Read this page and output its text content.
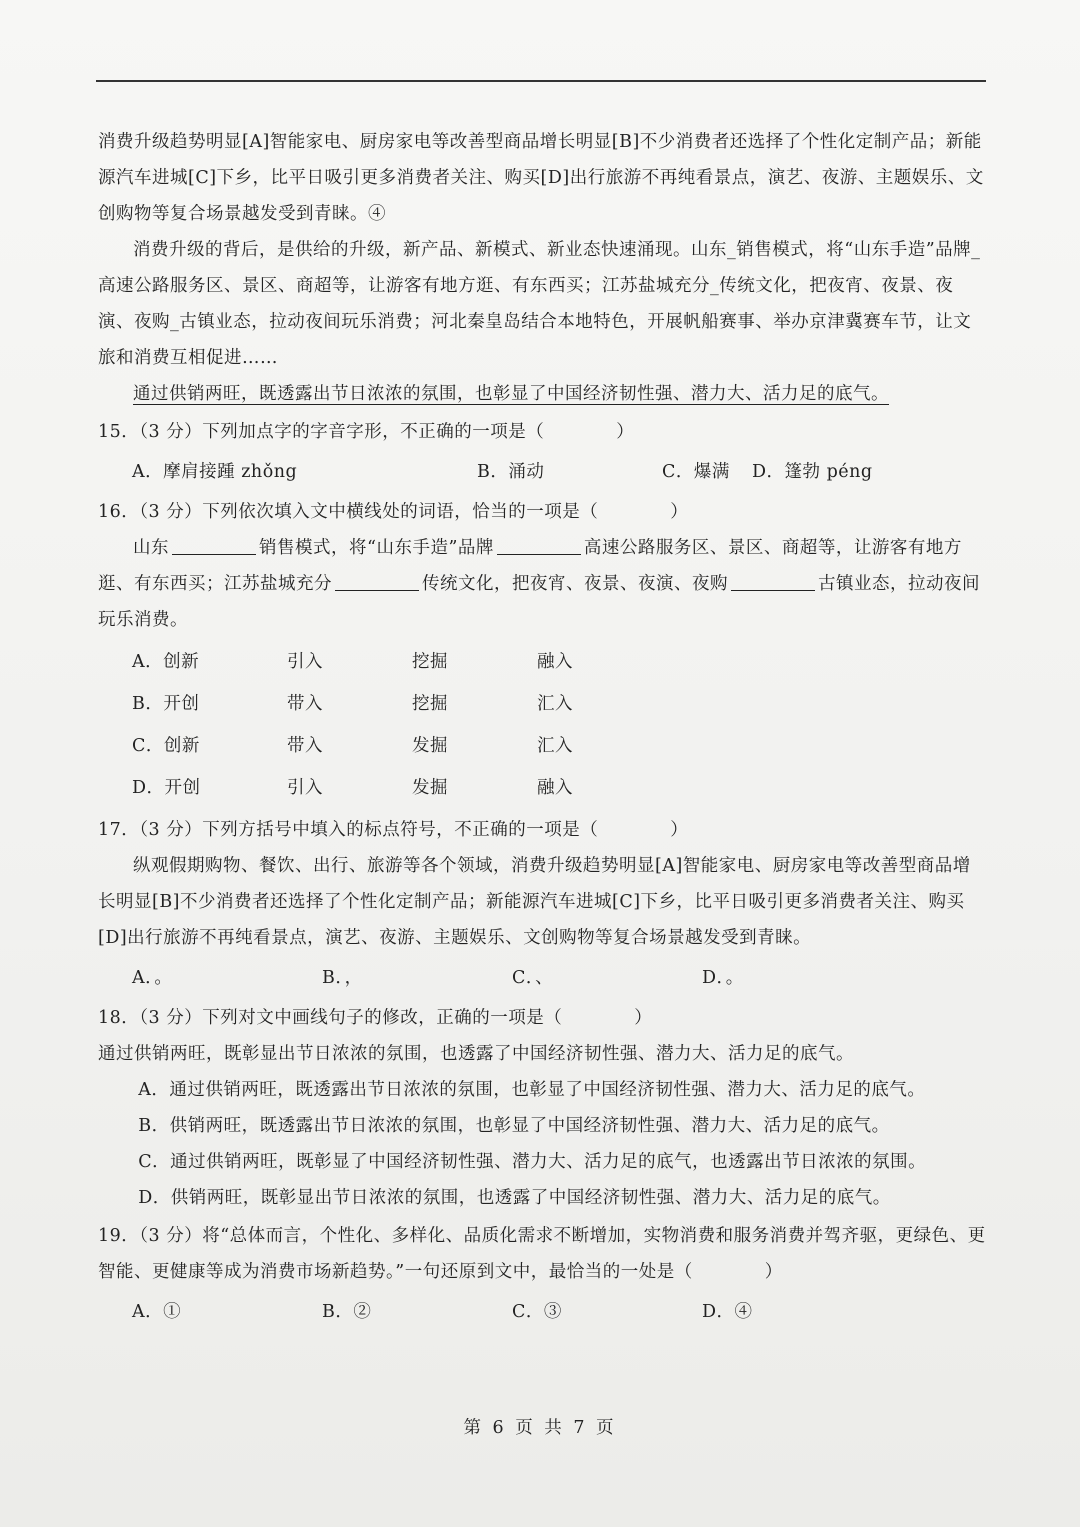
消费升级趋势明显[A]智能家电、厨房家电等改善型商品增长明显[B]不少消费者还选择了个性化定制产品；新能源汽车进城[C]下乡，比平日吸引更多消费者关注、购买[D]出行旅游不再纯看景点，演艺、夜游、主题娱乐、文创购物等复合场景越发受到青睐。④

消费升级的背后，是供给的升级，新产品、新模式、新业态快速涌现。山东_销售模式，将“山东手造”品牌_高速公路服务区、景区、商超等，让游客有地方逛、有东西买；江苏盐城充分_传统文化，把夜宵、夜景、夜演、夜购_古镇业态，拉动夜间玩乐消费；河北秦皇岛结合本地特色，开展帆船赛事、举办京津冀赛车节，让文旅和消费互相促进……

通过供销两旺，既透露出节日浓浓的氛围，也彰显了中国经济韧性强、潜力大、活力足的底气。

15．（3 分）下列加点字的字音字形，不正确的一项是（　　　　）

A．摩肩接踵 zhǒng	B．涌动	C．爆满	D．篷勃 péng

16．（3 分）下列依次填入文中横线处的词语，恰当的一项是（　　　　）

山东	销售模式，将“山东手造”品牌	高速公路服务区、景区、商超等，让游客有地方逛、有东西买；江苏盐城充分	传统文化，把夜宵、夜景、夜演、夜购	古镇业态，拉动夜间玩乐消费。

A．创新	引入	挖掘	融入
B．开创	带入	挖掘	汇入
C．创新	带入	发掘	汇入
D．开创	引入	发掘	融入

17．（3 分）下列方括号中填入的标点符号，不正确的一项是（　　　　）

纵观假期购物、餐饮、出行、旅游等各个领域，消费升级趋势明显[A]智能家电、厨房家电等改善型商品增长明显[B]不少消费者还选择了个性化定制产品；新能源汽车进城[C]下乡，比平日吸引更多消费者关注、购买[D]出行旅游不再纯看景点，演艺、夜游、主题娱乐、文创购物等复合场景越发受到青睐。

A．。	B．，	C．、	D．。

18．（3 分）下列对文中画线句子的修改，正确的一项是（　　　　）

通过供销两旺，既彰显出节日浓浓的氛围，也透露了中国经济韧性强、潜力大、活力足的底气。

A．通过供销两旺，既透露出节日浓浓的氛围，也彰显了中国经济韧性强、潜力大、活力足的底气。

B．供销两旺，既透露出节日浓浓的氛围，也彰显了中国经济韧性强、潜力大、活力足的底气。

C．通过供销两旺，既彰显了中国经济韧性强、潜力大、活力足的底气，也透露出节日浓浓的氛围。

D．供销两旺，既彰显出节日浓浓的氛围，也透露了中国经济韧性强、潜力大、活力足的底气。

19．（3 分）将“总体而言，个性化、多样化、品质化需求不断增加，实物消费和服务消费并驾齐驱，更绿色、更智能、更健康等成为消费市场新趋势。”一句还原到文中，最恰当的一处是（　　　　）

A．①	B．②	C．③	D．④
第 6 页 共 7 页
